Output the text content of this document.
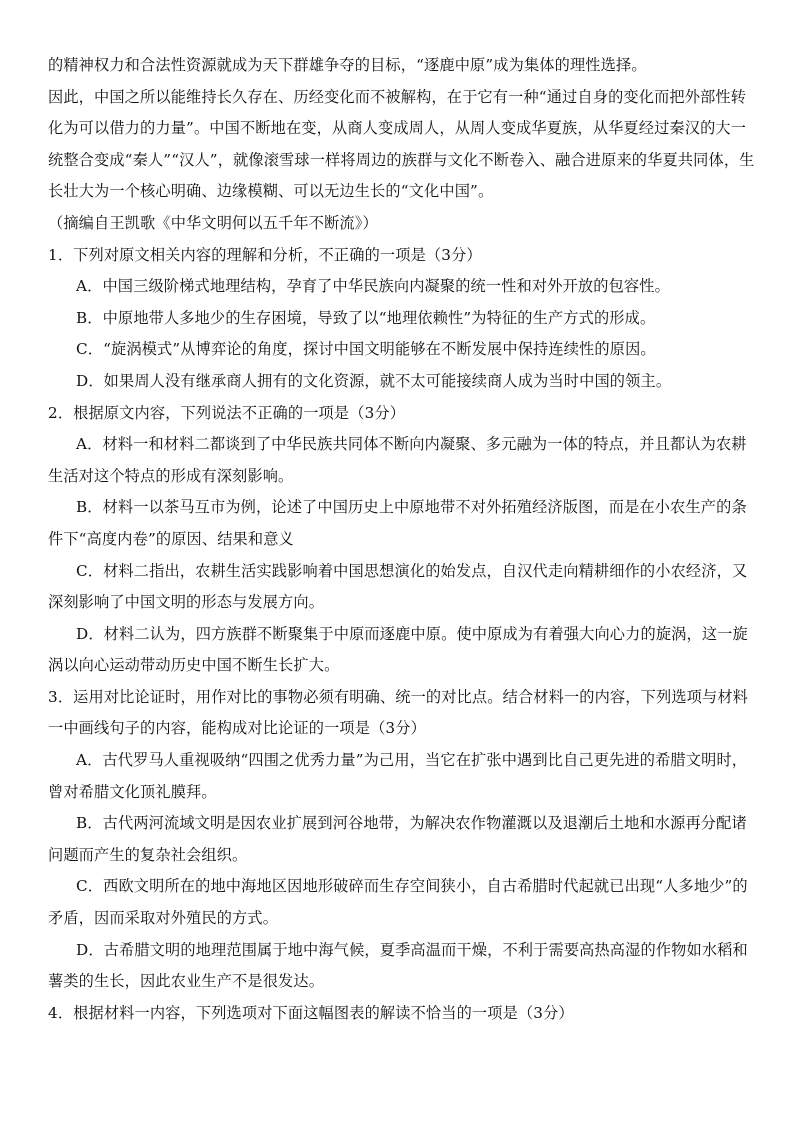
的精神权力和合法性资源就成为天下群雄争夺的目标，“逐鹿中原”成为集体的理性选择。

因此，中国之所以能维持长久存在、历经变化而不被解构，在于它有一种“通过自身的变化而把外部性转化为可以借力的力量”。中国不断地在变，从商人变成周人，从周人变成华夏族，从华夏经过秦汉的大一统整合变成“秦人”“汉人”，就像滚雪球一样将周边的族群与文化不断卷入、融合进原来的华夏共同体，生长壮大为一个核心明确、边缘模糊、可以无边生长的“文化中国”。

（摘编自王凯歌《中华文明何以五千年不断流》）

1．下列对原文相关内容的理解和分析，不正确的一项是（3分）

A．中国三级阶梯式地理结构，孕育了中华民族向内凝聚的统一性和对外开放的包容性。

B．中原地带人多地少的生存困境，导致了以“地理依赖性”为特征的生产方式的形成。

C．“旋涡模式”从博弈论的角度，探讨中国文明能够在不断发展中保持连续性的原因。

D．如果周人没有继承商人拥有的文化资源，就不太可能接续商人成为当时中国的领主。

2．根据原文内容，下列说法不正确的一项是（3分）

A．材料一和材料二都谈到了中华民族共同体不断向内凝聚、多元融为一体的特点，并且都认为农耕生活对这个特点的形成有深刻影响。

B．材料一以茶马互市为例，论述了中国历史上中原地带不对外拓殖经济版图，而是在小农生产的条件下“高度内卷”的原因、结果和意义

C．材料二指出，农耕生活实践影响着中国思想演化的始发点，自汉代走向精耕细作的小农经济，又深刻影响了中国文明的形态与发展方向。

D．材料二认为，四方族群不断聚集于中原而逐鹿中原。使中原成为有着强大向心力的旋涡，这一旋涡以向心运动带动历史中国不断生长扩大。

3．运用对比论证时，用作对比的事物必须有明确、统一的对比点。结合材料一的内容，下列选项与材料一中画线句子的内容，能构成对比论证的一项是（3分）

A．古代罗马人重视吸纳“四围之优秀力量”为己用，当它在扩张中遇到比自己更先进的希腊文明时，曾对希腊文化顶礼膜拜。

B．古代两河流域文明是因农业扩展到河谷地带，为解决农作物灌溉以及退潮后土地和水源再分配诸问题而产生的复杂社会组织。

C．西欧文明所在的地中海地区因地形破碎而生存空间狭小，自古希腊时代起就已出现“人多地少”的矛盾，因而采取对外殖民的方式。

D．古希腊文明的地理范围属于地中海气候，夏季高温而干燥，不利于需要高热高湿的作物如水稻和薯类的生长，因此农业生产不是很发达。

4．根据材料一内容，下列选项对下面这幅图表的解读不恰当的一项是（3分）
